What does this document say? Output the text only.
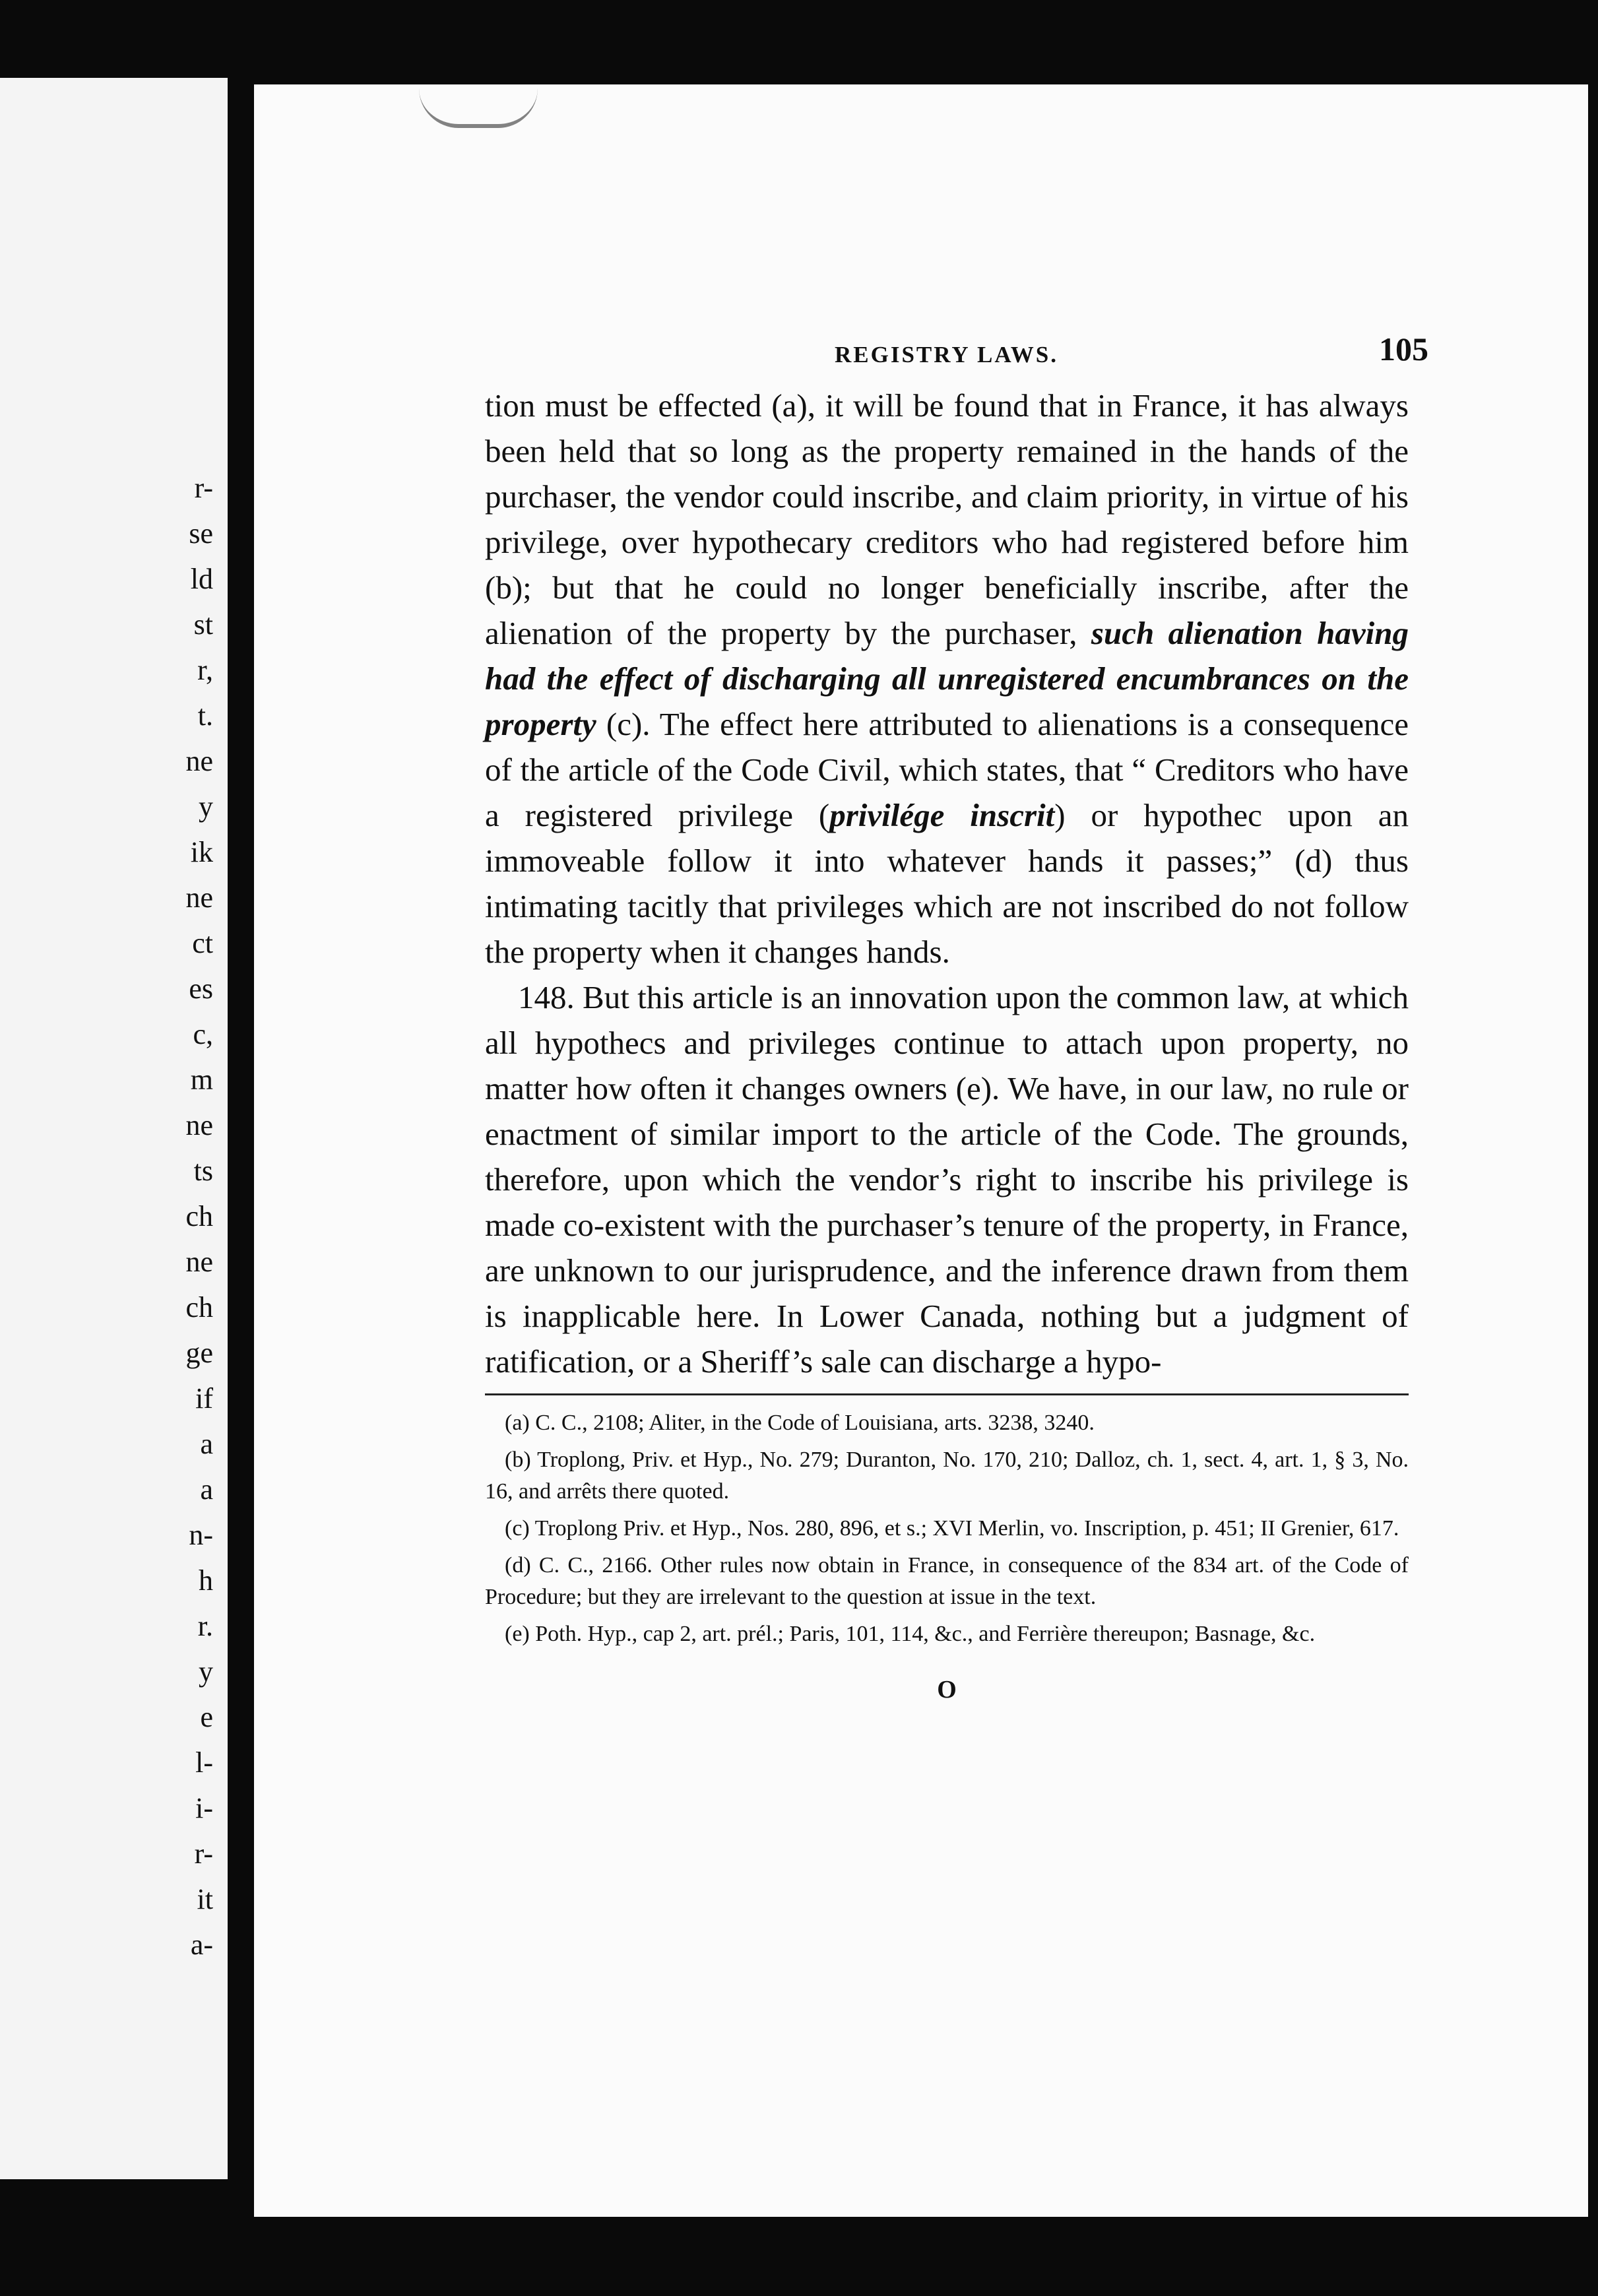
r-
se
ld
st
r,
t.
ne
y
ik
ne
ct
es
c,
m
ne
ts
ch
ne
ch
ge
if
a
a
n-
h
r.
y
e
l-
i-
r-
it
a-
REGISTRY LAWS.	105

tion must be effected (a), it will be found that in France, it has always been held that so long as the property remained in the hands of the purchaser, the vendor could inscribe, and claim priority, in virtue of his privilege, over hypothecary creditors who had registered before him (b); but that he could no longer beneficially inscribe, after the alienation of the property by the purchaser, such alienation having had the effect of discharging all unregistered encumbrances on the property (c). The effect here attributed to alienations is a consequence of the article of the Code Civil, which states, that “ Creditors who have a registered privilege (privilége inscrit) or hypothec upon an immoveable follow it into whatever hands it passes;” (d) thus intimating tacitly that privileges which are not inscribed do not follow the property when it changes hands.

148. But this article is an innovation upon the common law, at which all hypothecs and privileges continue to attach upon property, no matter how often it changes owners (e). We have, in our law, no rule or enactment of similar import to the article of the Code. The grounds, therefore, upon which the vendor’s right to inscribe his privilege is made co-existent with the purchaser’s tenure of the property, in France, are unknown to our jurisprudence, and the inference drawn from them is inapplicable here. In Lower Canada, nothing but a judgment of ratification, or a Sheriff’s sale can discharge a hypo-

(a) C. C., 2108; Aliter, in the Code of Louisiana, arts. 3238, 3240.

(b) Troplong, Priv. et Hyp., No. 279; Duranton, No. 170, 210; Dalloz, ch. 1, sect. 4, art. 1, § 3, No. 16, and arrêts there quoted.

(c) Troplong Priv. et Hyp., Nos. 280, 896, et s.; XVI Merlin, vo. Inscription, p. 451; II Grenier, 617.

(d) C. C., 2166. Other rules now obtain in France, in consequence of the 834 art. of the Code of Procedure; but they are irrelevant to the question at issue in the text.

(e) Poth. Hyp., cap 2, art. prél.; Paris, 101, 114, &c., and Ferrière thereupon; Basnage, &c.

O
